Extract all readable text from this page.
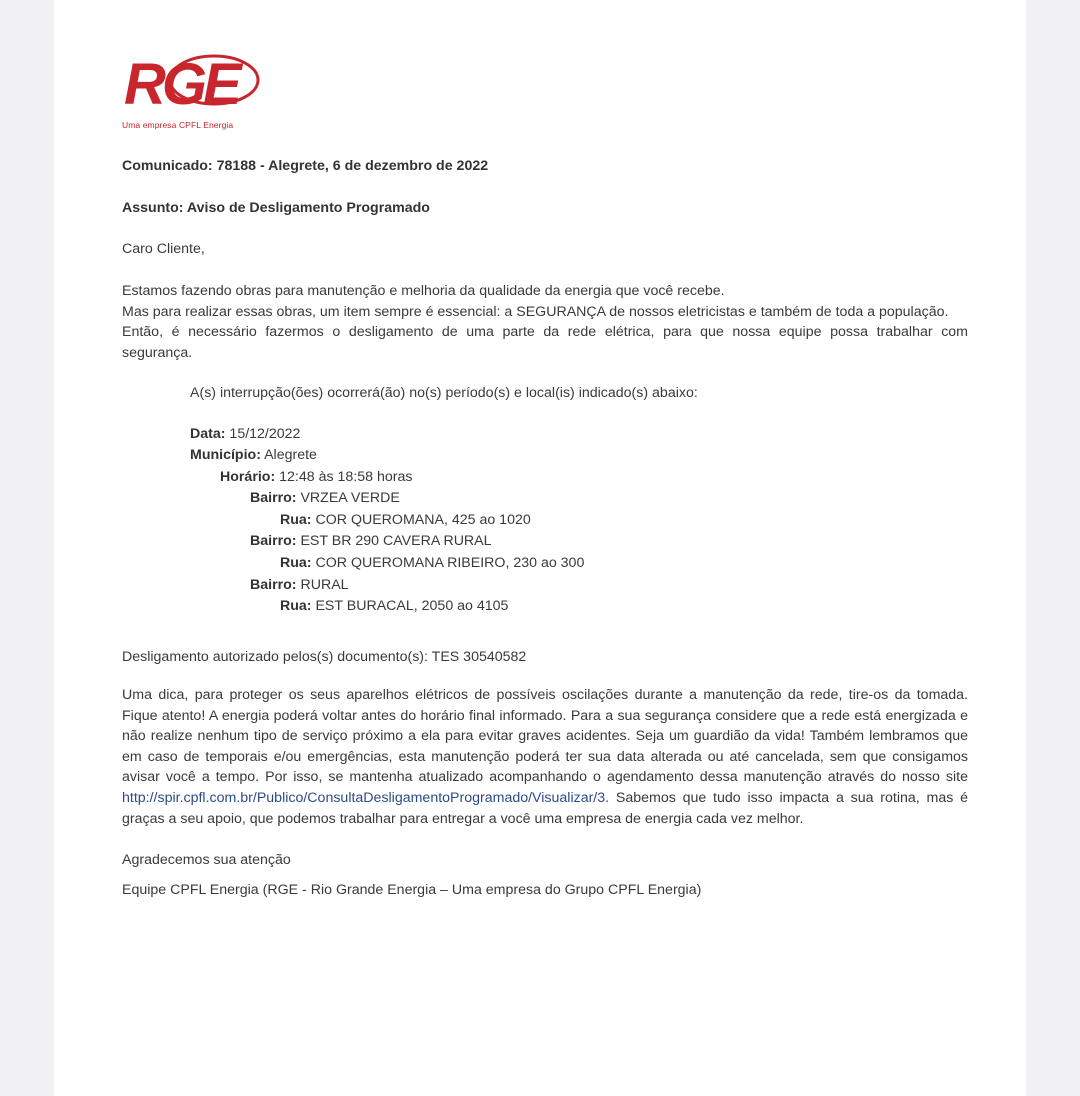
RGE
Uma empresa CPFL Energia

Comunicado: 78188 - Alegrete, 6 de dezembro de 2022

Assunto: Aviso de Desligamento Programado

Caro Cliente,

Estamos fazendo obras para manutenção e melhoria da qualidade da energia que você recebe.
Mas para realizar essas obras, um item sempre é essencial: a SEGURANÇA de nossos eletricistas e também de toda a população.
Então, é necessário fazermos o desligamento de uma parte da rede elétrica, para que nossa equipe possa trabalhar com
segurança.
A(s) interrupção(ões) ocorrerá(ão) no(s) período(s) e local(is) indicado(s) abaixo:
Data: 15/12/2022
Município: Alegrete
Horário: 12:48 às 18:58 horas
Bairro: VRZEA VERDE
Rua: COR QUEROMANA, 425 ao 1020
Bairro: EST BR 290 CAVERA RURAL
Rua: COR QUEROMANA RIBEIRO, 230 ao 300
Bairro: RURAL
Rua: EST BURACAL, 2050 ao 4105

Desligamento autorizado pelos(s) documento(s): TES 30540582

Uma dica, para proteger os seus aparelhos elétricos de possíveis oscilações durante a manutenção da rede, tire-os da tomada.
Fique atento! A energia poderá voltar antes do horário final informado. Para a sua segurança considere que a rede está energizada e
não realize nenhum tipo de serviço próximo a ela para evitar graves acidentes. Seja um guardião da vida! Também lembramos que
em caso de temporais e/ou emergências, esta manutenção poderá ter sua data alterada ou até cancelada, sem que consigamos
avisar você a tempo. Por isso, se mantenha atualizado acompanhando o agendamento dessa manutenção através do nosso site
http://spir.cpfl.com.br/Publico/ConsultaDesligamentoProgramado/Visualizar/3. Sabemos que tudo isso impacta a sua rotina, mas é
graças a seu apoio, que podemos trabalhar para entregar a você uma empresa de energia cada vez melhor.

Agradecemos sua atenção

Equipe CPFL Energia (RGE - Rio Grande Energia – Uma empresa do Grupo CPFL Energia)
